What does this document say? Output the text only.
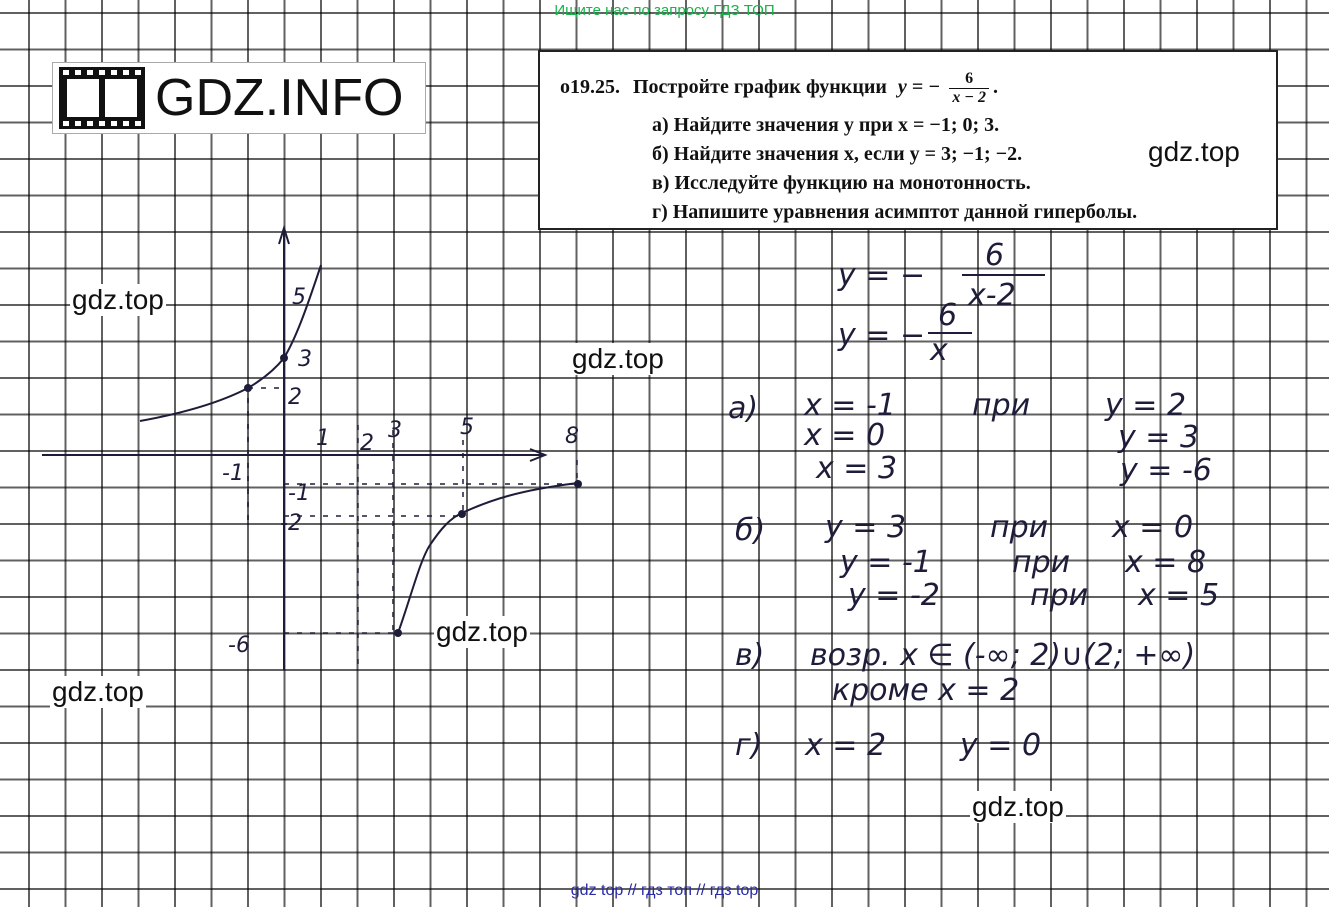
Ищите нас по запросу ГДЗ ТОП
GDZ.INFO	о19.25. Постройте график функции y = − $\frac{6}{x - 2}$ .
а) Найдите значения y при x = −1; 0; 3.
б) Найдите значения x, если y = 3; −1; −2.
в) Исследуйте функцию на монотонность.
г) Напишите уравнения асимптот данной гиперболы.
5
3
2
1 2
3	5	8
-1
-1
-2
-6
y = −
6
x-2
y = −
6
x
а) x = -1	при y = 2
x = 0	y = 3
x = 3	y = -6
б) y = 3	при x = 0
y = -1	при x = 8
y = -2	при x = 5
в) возр. x ∈ (-∞; 2)∪(2; +∞)
кроме x = 2
г) x = 2 y = 0
gdz.top
gdz.top
gdz.top
gdz.top
gdz.top
gdz.top
gdz top // гдз топ // гдз top
